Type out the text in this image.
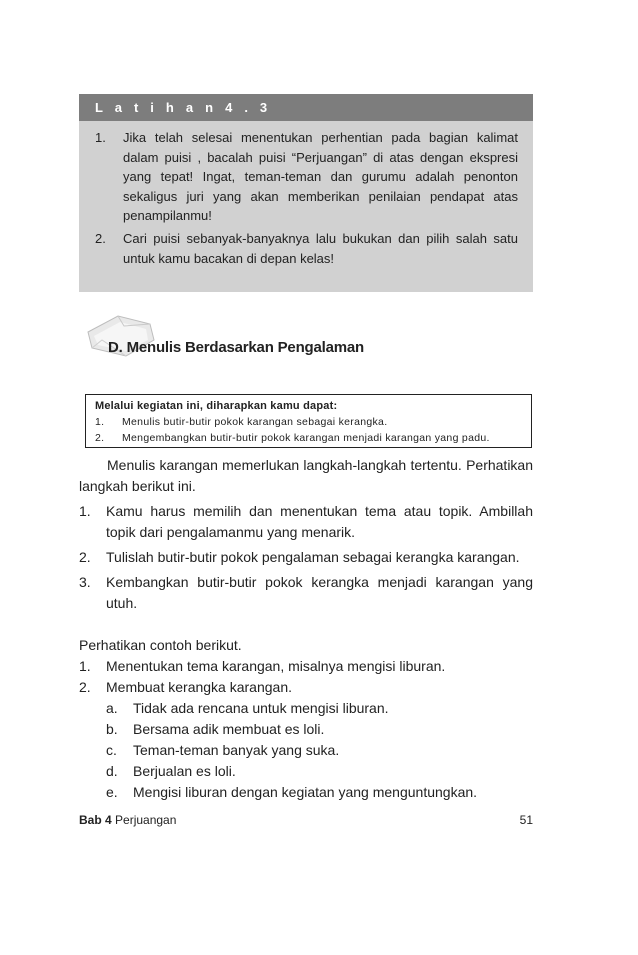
L a t i h a n 4 . 3
1. Jika telah selesai menentukan perhentian pada bagian kalimat dalam puisi , bacalah puisi “Perjuangan” di atas dengan ekspresi yang tepat! Ingat, teman-teman dan gurumu adalah penonton sekaligus juri yang akan memberikan penilaian pendapat atas penampilanmu!
2. Cari puisi sebanyak-banyaknya lalu bukukan dan pilih salah satu untuk kamu bacakan di depan kelas!
D. Menulis Berdasarkan Pengalaman
Melalui kegiatan ini, diharapkan kamu dapat:
1. Menulis butir-butir pokok karangan sebagai kerangka.
2. Mengembangkan butir-butir pokok karangan menjadi karangan yang padu.
Menulis karangan memerlukan langkah-langkah tertentu. Perhatikan langkah berikut ini.
1. Kamu harus memilih dan menentukan tema atau topik. Ambillah topik dari pengalamanmu yang menarik.
2. Tulislah butir-butir pokok pengalaman sebagai kerangka karangan.
3. Kembangkan butir-butir pokok kerangka menjadi karangan yang utuh.
Perhatikan contoh berikut.
1. Menentukan tema karangan, misalnya mengisi liburan.
2. Membuat kerangka karangan.
a. Tidak ada rencana untuk mengisi liburan.
b. Bersama adik membuat es loli.
c. Teman-teman banyak yang suka.
d. Berjualan es loli.
e. Mengisi liburan dengan kegiatan yang menguntungkan.
Bab 4 Perjuangan	51
